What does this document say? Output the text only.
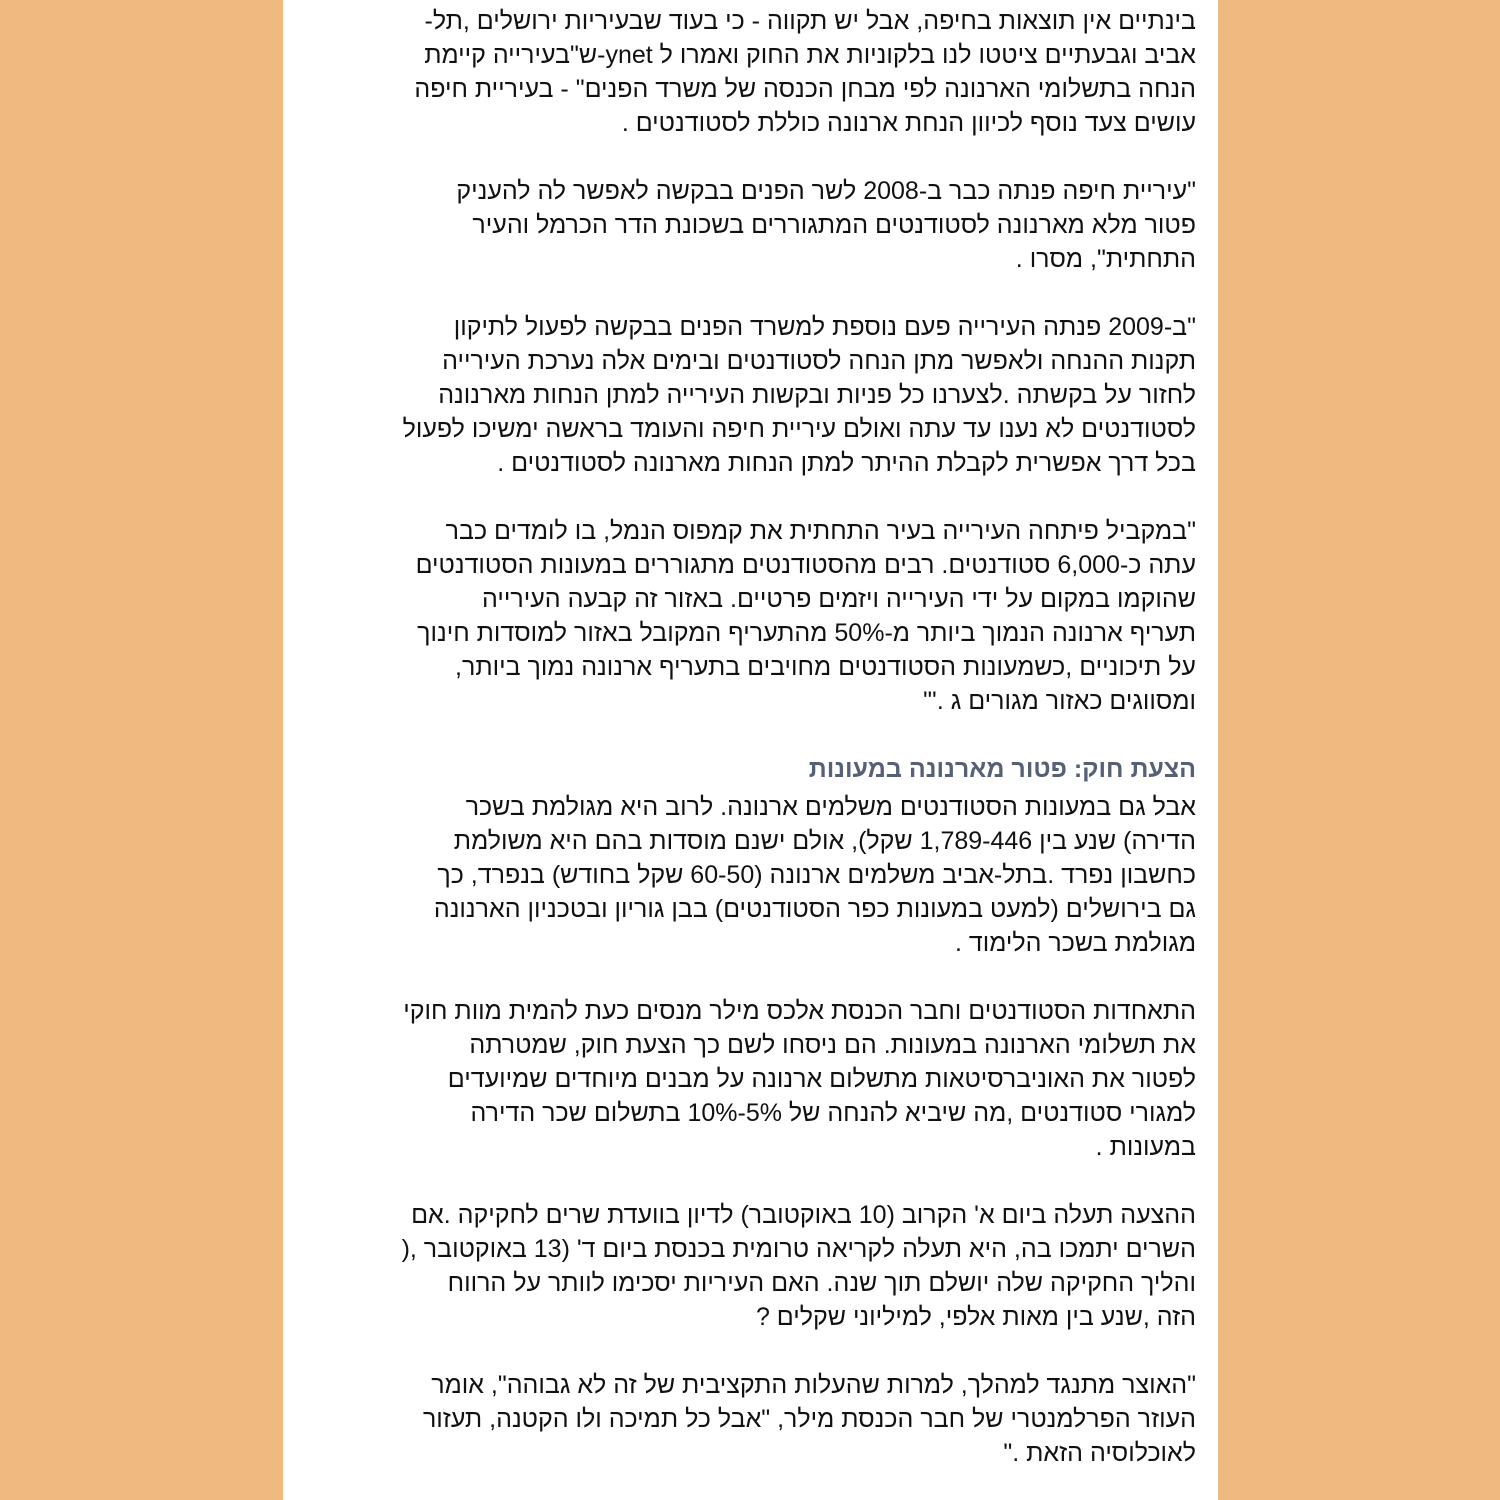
בינתיים אין תוצאות בחיפה, אבל יש תקווה - כי בעוד שבעיריות ירושלים ,תל-
אביב וגבעתיים ציטטו לנו בלקוניות את החוק ואמרו ל ynet-ש"בעירייה קיימת
הנחה בתשלומי הארנונה לפי מבחן הכנסה של משרד הפנים" - בעיריית חיפה
עושים צעד נוסף לכיוון הנחת ארנונה כוללת לסטודנטים .
"עיריית חיפה פנתה כבר ב-2008 לשר הפנים בבקשה לאפשר לה להעניק
פטור מלא מארנונה לסטודנטים המתגוררים בשכונת הדר הכרמל והעיר
התחתית", מסרו .
"ב-2009 פנתה העירייה פעם נוספת למשרד הפנים בבקשה לפעול לתיקון
תקנות ההנחה ולאפשר מתן הנחה לסטודנטים ובימים אלה נערכת העירייה
לחזור על בקשתה .לצערנו כל פניות ובקשות העירייה למתן הנחות מארנונה
לסטודנטים לא נענו עד עתה ואולם עיריית חיפה והעומד בראשה ימשיכו לפעול
בכל דרך אפשרית לקבלת ההיתר למתן הנחות מארנונה לסטודנטים .
"במקביל פיתחה העירייה בעיר התחתית את קמפוס הנמל, בו לומדים כבר
עתה כ-6,000 סטודנטים. רבים מהסטודנטים מתגוררים במעונות הסטודנטים
שהוקמו במקום על ידי העירייה ויזמים פרטיים. באזור זה קבעה העירייה
תעריף ארנונה הנמוך ביותר מ-50% מהתעריף המקובל באזור למוסדות חינוך
על תיכוניים ,כשמעונות הסטודנטים מחויבים בתעריף ארנונה נמוך ביותר,
ומסווגים כאזור מגורים ג .'"
הצעת חוק: פטור מארנונה במעונות
אבל גם במעונות הסטודנטים משלמים ארנונה. לרוב היא מגולמת בשכר
הדירה) שנע בין 1,789-446 שקל), אולם ישנם מוסדות בהם היא משולמת
כחשבון נפרד .בתל-אביב משלמים ארנונה (60-50 שקל בחודש) בנפרד, כך
גם בירושלים (למעט במעונות כפר הסטודנטים) בבן גוריון ובטכניון הארנונה
מגולמת בשכר הלימוד .
התאחדות הסטודנטים וחבר הכנסת אלכס מילר מנסים כעת להמית מוות חוקי
את תשלומי הארנונה במעונות. הם ניסחו לשם כך הצעת חוק, שמטרתה
לפטור את האוניברסיטאות מתשלום ארנונה על מבנים מיוחדים שמיועדים
למגורי סטודנטים ,מה שיביא להנחה של 5%-10% בתשלום שכר הדירה
במעונות .
ההצעה תעלה ביום א' הקרוב (10 באוקטובר) לדיון בוועדת שרים לחקיקה .אם
השרים יתמכו בה, היא תעלה לקריאה טרומית בכנסת ביום ד' (13 באוקטובר ,(
והליך החקיקה שלה יושלם תוך שנה. האם העיריות יסכימו לוותר על הרווח
הזה ,שנע בין מאות אלפי, למיליוני שקלים ?
"האוצר מתנגד למהלך, למרות שהעלות התקציבית של זה לא גבוהה", אומר
העוזר הפרלמנטרי של חבר הכנסת מילר, "אבל כל תמיכה ולו הקטנה, תעזור
לאוכלוסיה הזאת ."
